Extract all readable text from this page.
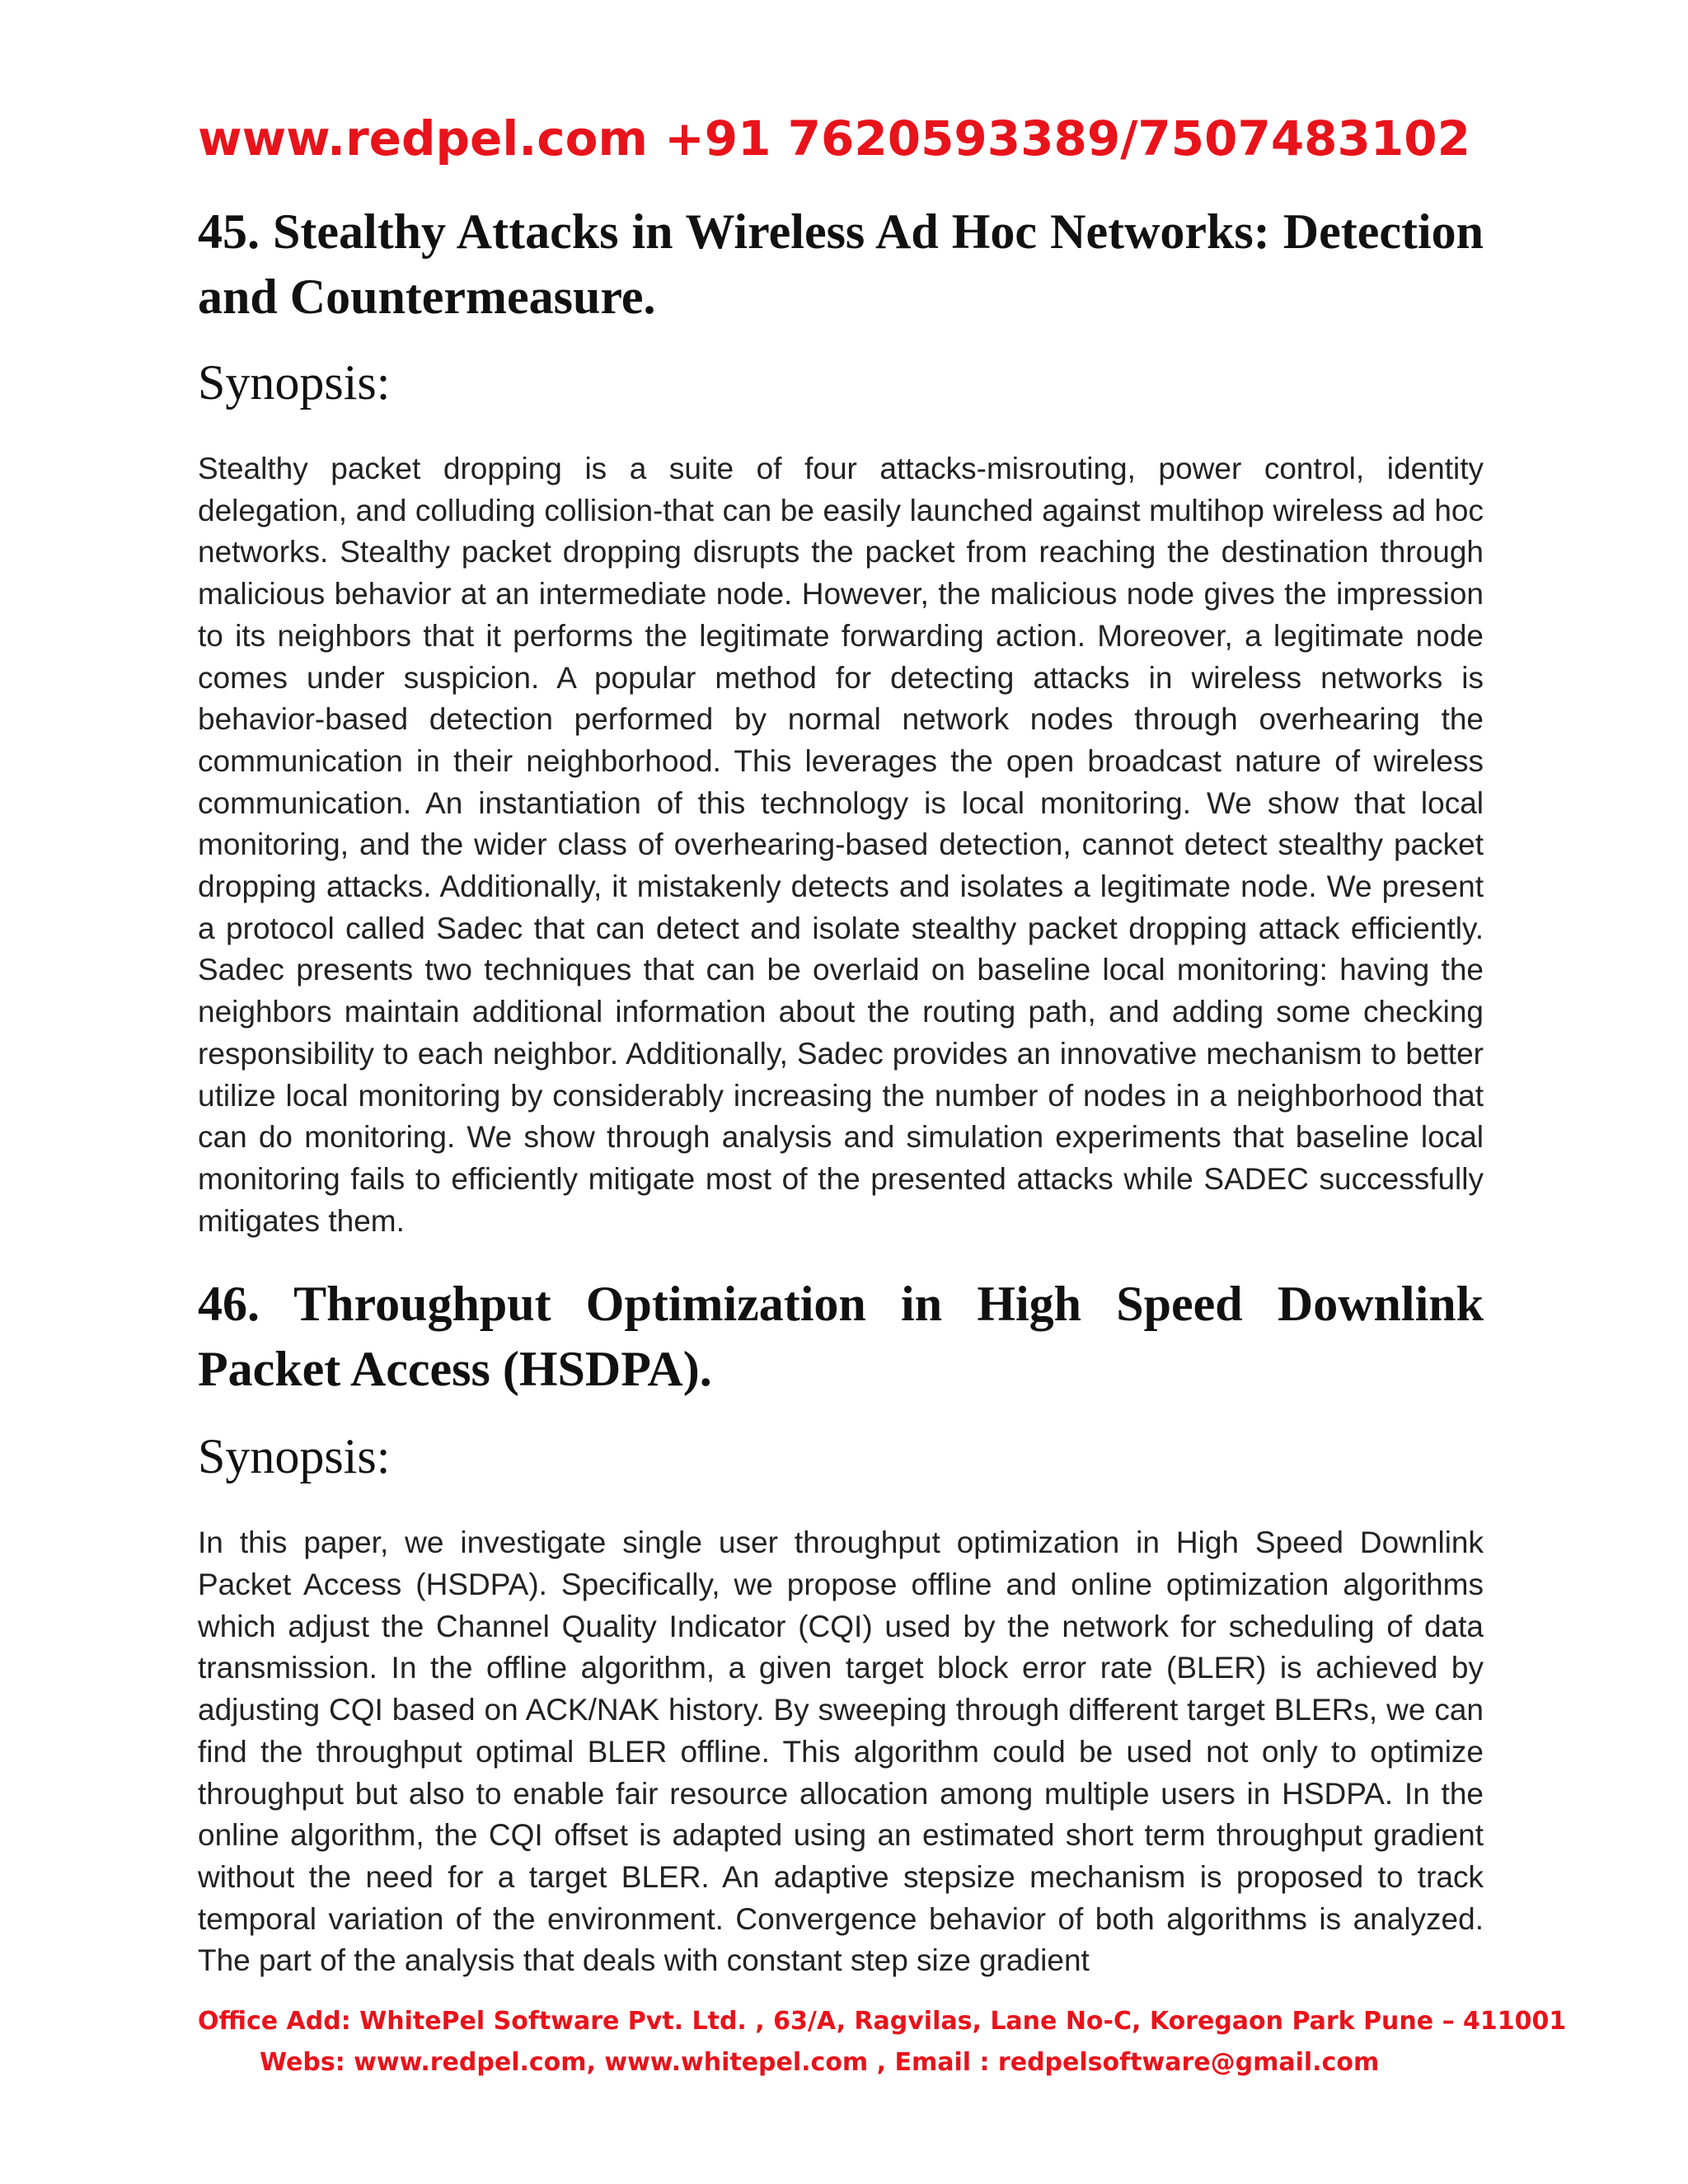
www.redpel.com +91 7620593389/7507483102

45. Stealthy Attacks in Wireless Ad Hoc Networks: Detection and Countermeasure.

Synopsis:

Stealthy packet dropping is a suite of four attacks-misrouting, power control, identity delegation, and colluding collision-that can be easily launched against multihop wireless ad hoc networks. Stealthy packet dropping disrupts the packet from reaching the destination through malicious behavior at an intermediate node. However, the malicious node gives the impression to its neighbors that it performs the legitimate forwarding action. Moreover, a legitimate node comes under suspicion. A popular method for detecting attacks in wireless networks is behavior-based detection performed by normal network nodes through overhearing the communication in their neighborhood. This leverages the open broadcast nature of wireless communication. An instantiation of this technology is local monitoring. We show that local monitoring, and the wider class of overhearing-based detection, cannot detect stealthy packet dropping attacks. Additionally, it mistakenly detects and isolates a legitimate node. We present a protocol called Sadec that can detect and isolate stealthy packet dropping attack efficiently. Sadec presents two techniques that can be overlaid on baseline local monitoring: having the neighbors maintain additional information about the routing path, and adding some checking responsibility to each neighbor. Additionally, Sadec provides an innovative mechanism to better utilize local monitoring by considerably increasing the number of nodes in a neighborhood that can do monitoring. We show through analysis and simulation experiments that baseline local monitoring fails to efficiently mitigate most of the presented attacks while SADEC successfully mitigates them.

46. Throughput Optimization in High Speed Downlink Packet Access (HSDPA).

Synopsis:

In this paper, we investigate single user throughput optimization in High Speed Downlink Packet Access (HSDPA). Specifically, we propose offline and online optimization algorithms which adjust the Channel Quality Indicator (CQI) used by the network for scheduling of data transmission. In the offline algorithm, a given target block error rate (BLER) is achieved by adjusting CQI based on ACK/NAK history. By sweeping through different target BLERs, we can find the throughput optimal BLER offline. This algorithm could be used not only to optimize throughput but also to enable fair resource allocation among multiple users in HSDPA. In the online algorithm, the CQI offset is adapted using an estimated short term throughput gradient without the need for a target BLER. An adaptive stepsize mechanism is proposed to track temporal variation of the environment. Convergence behavior of both algorithms is analyzed. The part of the analysis that deals with constant step size gradient

Office Add: WhitePel Software Pvt. Ltd. , 63/A, Ragvilas, Lane No-C, Koregaon Park Pune – 411001
Webs: www.redpel.com, www.whitepel.com , Email : redpelsoftware@gmail.com
